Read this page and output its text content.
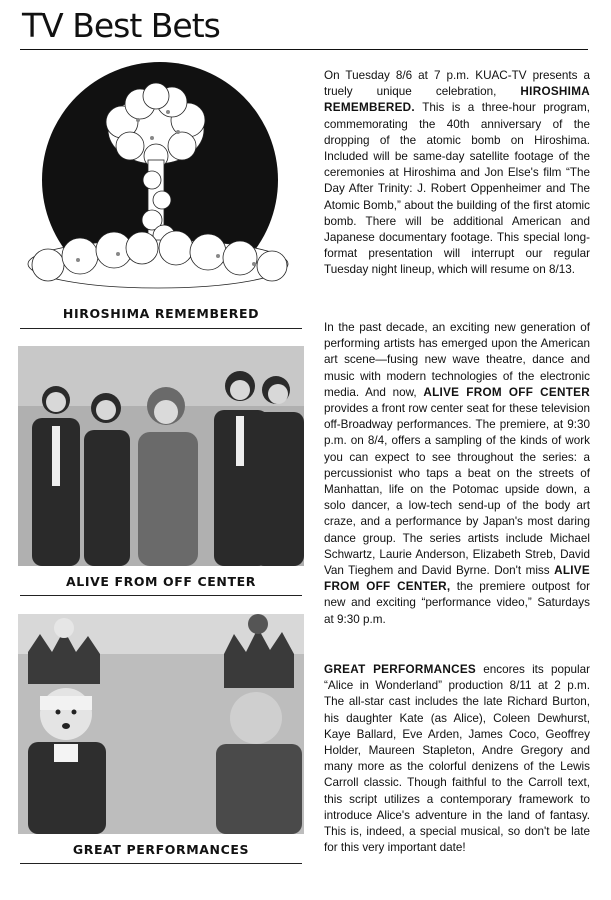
TV Best Bets
HIROSHIMA REMEMBERED
ALIVE FROM OFF CENTER
GREAT PERFORMANCES

On Tuesday 8/6 at 7 p.m. KUAC-TV presents a truely unique celebration, HIROSHIMA REMEMBERED. This is a three-hour program, commemorating the 40th anniversary of the dropping of the atomic bomb on Hiroshima. Included will be same-day satellite footage of the ceremonies at Hiroshima and Jon Else's film “The Day After Trinity: J. Robert Oppenheimer and The Atomic Bomb,” about the building of the first atomic bomb. There will be additional American and Japanese documentary footage. This special long-format presentation will interrupt our regular Tuesday night lineup, which will resume on 8/13.

In the past decade, an exciting new generation of performing artists has emerged upon the American art scene—fusing new wave theatre, dance and music with modern technologies of the electronic media. And now, ALIVE FROM OFF CENTER provides a front row center seat for these television off-Broadway performances. The premiere, at 9:30 p.m. on 8/4, offers a sampling of the kinds of work you can expect to see throughout the series: a percussionist who taps a beat on the streets of Manhattan, life on the Potomac upside down, a solo dancer, a low-tech send-up of the body art craze, and a performance by Japan's most daring dance group. The series artists include Michael Schwartz, Laurie Anderson, Elizabeth Streb, David Van Tieghem and David Byrne. Don't miss ALIVE FROM OFF CENTER, the premiere outpost for new and exciting “performance video,” Saturdays at 9:30 p.m.

GREAT PERFORMANCES encores its popular “Alice in Wonderland” production 8/11 at 2 p.m. The all-star cast includes the late Richard Burton, his daughter Kate (as Alice), Coleen Dewhurst, Kaye Ballard, Eve Arden, James Coco, Geoffrey Holder, Maureen Stapleton, Andre Gregory and many more as the colorful denizens of the Lewis Carroll classic. Though faithful to the Carroll text, this script utilizes a contemporary framework to introduce Alice's adventure in the land of fantasy. This is, indeed, a special musical, so don't be late for this very important date!
